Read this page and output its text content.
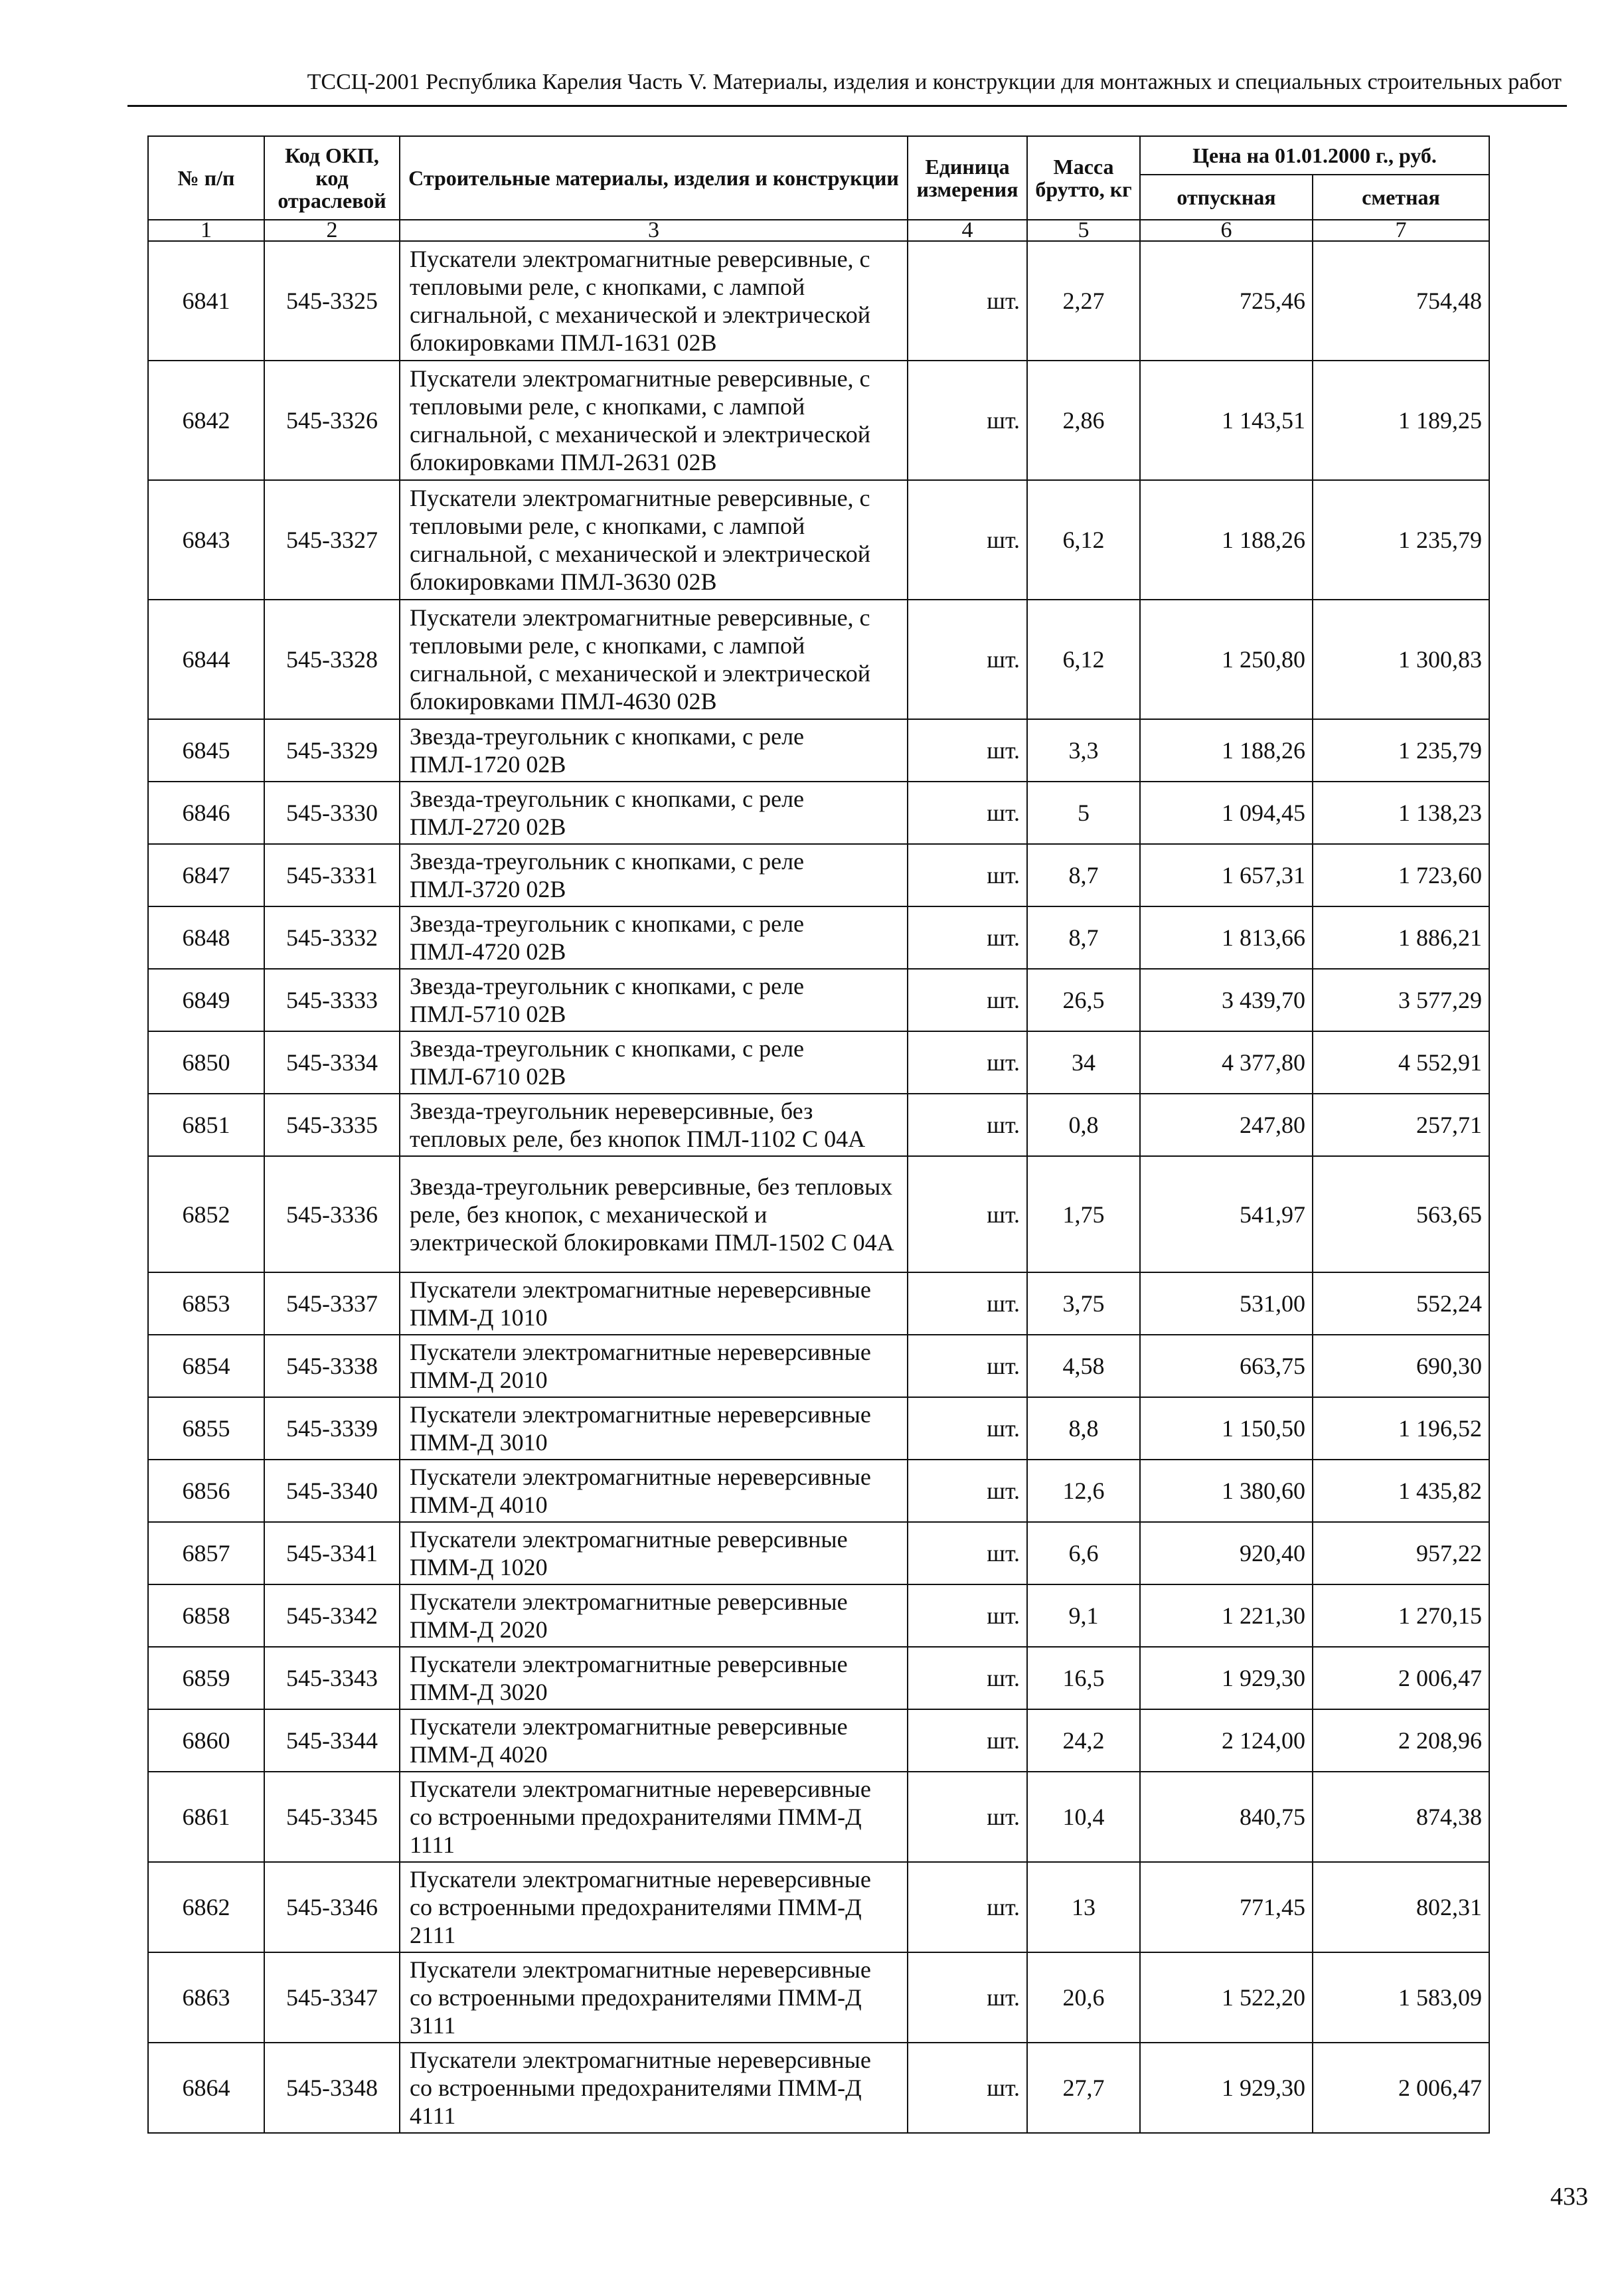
ТССЦ-2001 Республика Карелия Часть V. Материалы, изделия и конструкции для монтажных и специальных строительных работ
№ п/п	Код ОКП, код отраслевой	Строительные материалы, изделия и конструкции	Единица измерения	Масса брутто, кг	Цена на 01.01.2000 г., руб.	
					отпускная	сметная
1	2	3	4	5	6	7
6841	545-3325	Пускатели электромагнитные реверсивные, с тепловыми реле, с кнопками, с лампой сигнальной, с механической и электрической блокировками ПМЛ-1631 02В	шт.	2,27	725,46	754,48
6842	545-3326	Пускатели электромагнитные реверсивные, с тепловыми реле, с кнопками, с лампой сигнальной, с механической и электрической блокировками ПМЛ-2631 02В	шт.	2,86	1 143,51	1 189,25
6843	545-3327	Пускатели электромагнитные реверсивные, с тепловыми реле, с кнопками, с лампой сигнальной, с механической и электрической блокировками ПМЛ-3630 02В	шт.	6,12	1 188,26	1 235,79
6844	545-3328	Пускатели электромагнитные реверсивные, с тепловыми реле, с кнопками, с лампой сигнальной, с механической и электрической блокировками ПМЛ-4630 02В	шт.	6,12	1 250,80	1 300,83
6845	545-3329	Звезда-треугольник с кнопками, с реле ПМЛ-1720 02В	шт.	3,3	1 188,26	1 235,79
6846	545-3330	Звезда-треугольник с кнопками, с реле ПМЛ-2720 02В	шт.	5	1 094,45	1 138,23
6847	545-3331	Звезда-треугольник с кнопками, с реле ПМЛ-3720 02В	шт.	8,7	1 657,31	1 723,60
6848	545-3332	Звезда-треугольник с кнопками, с реле ПМЛ-4720 02В	шт.	8,7	1 813,66	1 886,21
6849	545-3333	Звезда-треугольник с кнопками, с реле ПМЛ-5710 02В	шт.	26,5	3 439,70	3 577,29
6850	545-3334	Звезда-треугольник с кнопками, с реле ПМЛ-6710 02В	шт.	34	4 377,80	4 552,91
6851	545-3335	Звезда-треугольник нереверсивные, без тепловых реле, без кнопок ПМЛ-1102 С 04А	шт.	0,8	247,80	257,71
6852	545-3336	Звезда-треугольник реверсивные, без тепловых реле, без кнопок, с механической и электрической блокировками ПМЛ-1502 С 04А	шт.	1,75	541,97	563,65
6853	545-3337	Пускатели электромагнитные нереверсивные ПММ-Д 1010	шт.	3,75	531,00	552,24
6854	545-3338	Пускатели электромагнитные нереверсивные ПММ-Д 2010	шт.	4,58	663,75	690,30
6855	545-3339	Пускатели электромагнитные нереверсивные ПММ-Д 3010	шт.	8,8	1 150,50	1 196,52
6856	545-3340	Пускатели электромагнитные нереверсивные ПММ-Д 4010	шт.	12,6	1 380,60	1 435,82
6857	545-3341	Пускатели электромагнитные реверсивные ПММ-Д 1020	шт.	6,6	920,40	957,22
6858	545-3342	Пускатели электромагнитные реверсивные ПММ-Д 2020	шт.	9,1	1 221,30	1 270,15
6859	545-3343	Пускатели электромагнитные реверсивные ПММ-Д 3020	шт.	16,5	1 929,30	2 006,47
6860	545-3344	Пускатели электромагнитные реверсивные ПММ-Д 4020	шт.	24,2	2 124,00	2 208,96
6861	545-3345	Пускатели электромагнитные нереверсивные со встроенными предохранителями ПММ-Д 1111	шт.	10,4	840,75	874,38
6862	545-3346	Пускатели электромагнитные нереверсивные со встроенными предохранителями ПММ-Д 2111	шт.	13	771,45	802,31
6863	545-3347	Пускатели электромагнитные нереверсивные со встроенными предохранителями ПММ-Д 3111	шт.	20,6	1 522,20	1 583,09
6864	545-3348	Пускатели электромагнитные нереверсивные со встроенными предохранителями ПММ-Д 4111	шт.	27,7	1 929,30	2 006,47
433
